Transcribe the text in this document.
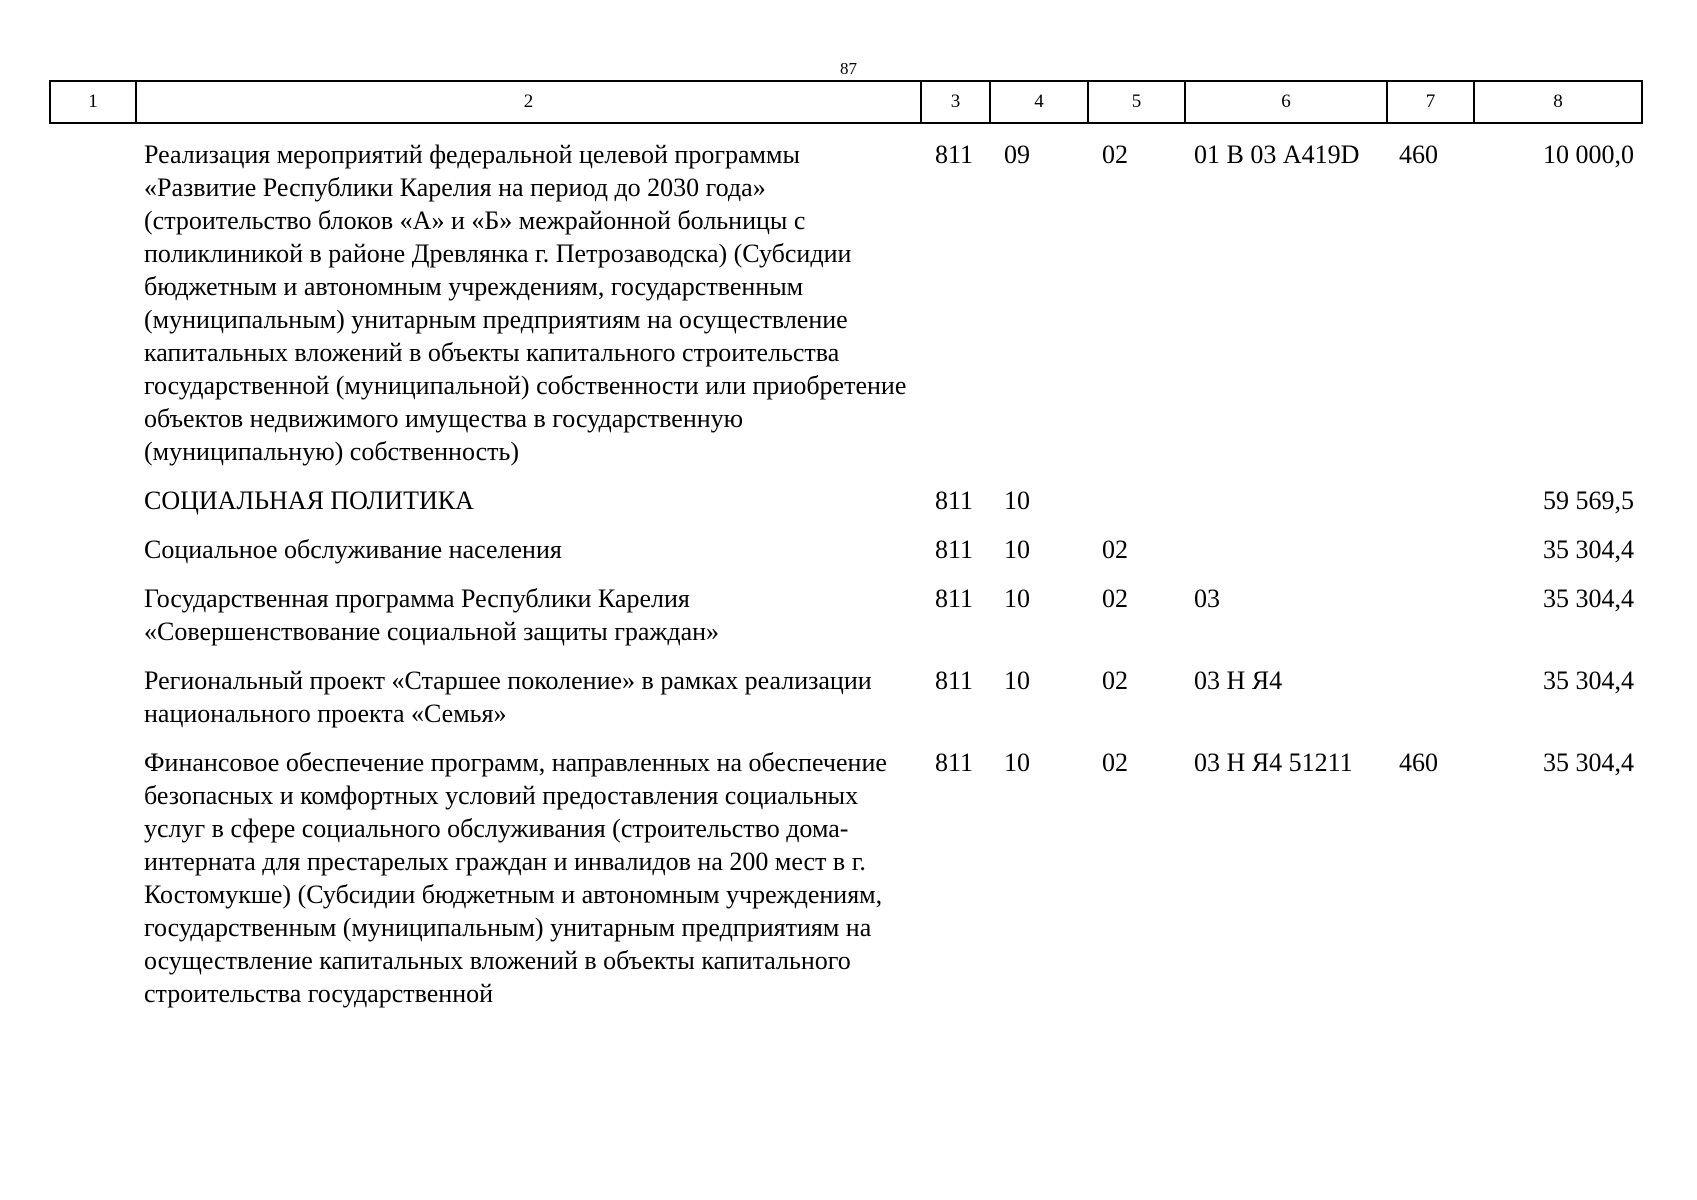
87
1	2	3	4	5	6	7	8
	Реализация мероприятий федеральной целевой программы «Развитие Республики Карелия на период до 2030 года» (строительство блоков «А» и «Б» межрайонной больницы с поликлиникой в районе Древлянка г. Петрозаводска) (Субсидии бюджетным и автономным учреждениям, государственным (муниципальным) унитарным предприятиям на осуществление капитальных вложений в объекты капитального строительства государственной (муниципальной) собственности или приобретение объектов недвижимого имущества в государственную (муниципальную) собственность)	811	09	02	01 В 03 А419D	460	10 000,0
	СОЦИАЛЬНАЯ ПОЛИТИКА	811	10				59 569,5
	Социальное обслуживание населения	811	10	02			35 304,4
	Государственная программа Республики Карелия «Совершенствование социальной защиты граждан»	811	10	02	03		35 304,4
	Региональный проект «Старшее поколение» в рамках реализации национального проекта «Семья»	811	10	02	03 Н Я4		35 304,4
	Финансовое обеспечение программ, направленных на обеспечение безопасных и комфортных условий предоставления социальных услуг в сфере социального обслуживания (строительство дома-интерната для престарелых граждан и инвалидов на 200 мест в г. Костомукше) (Субсидии бюджетным и автономным учреждениям, государственным (муниципальным) унитарным предприятиям на осуществление капитальных вложений в объекты капитального строительства государственной	811	10	02	03 Н Я4 51211	460	35 304,4
